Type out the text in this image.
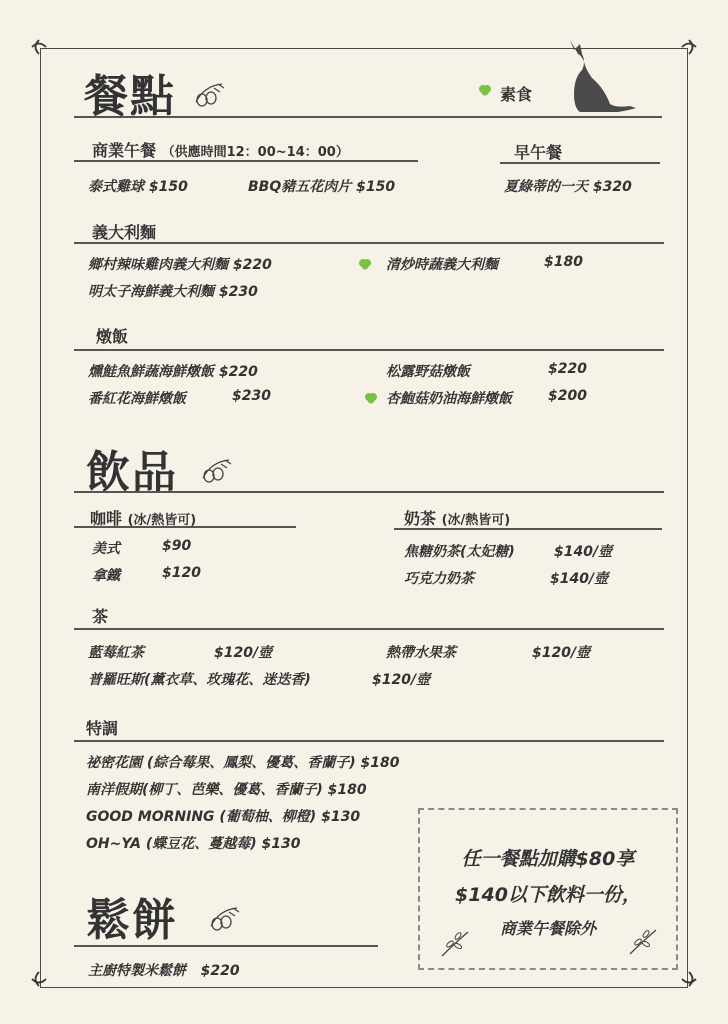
餐點	素食
商業午餐 （供應時間12：00~14：00）	早午餐
泰式雞球 $150	BBQ豬五花肉片 $150	夏綠蒂的一天 $320
義大利麵
鄉村辣味雞肉義大利麵 $220	清炒時蔬義大利麵	$180
明太子海鮮義大利麵 $230
燉飯
燻鮭魚鮮蔬海鮮燉飯 $220	松露野菇燉飯	$220
番紅花海鮮燉飯	$230	杏鮑菇奶油海鮮燉飯	$200
飲品
咖啡 (冰/熱皆可)	奶茶 (冰/熱皆可)
美式	$90
拿鐵	$120
焦糖奶茶(太妃糖)	$140/壺
巧克力奶茶	$140/壺
茶
藍莓紅茶	$120/壺	熱帶水果茶	$120/壺
普羅旺斯(薰衣草、玫瑰花、迷迭香)	$120/壺
特調
祕密花園 (綜合莓果、鳳梨、優葛、香蘭子) $180
南洋假期(柳丁、芭樂、優葛、香蘭子) $180
GOOD MORNING (葡萄柚、柳橙) $130
OH~YA (蝶豆花、蔓越莓) $130
鬆餅
主廚特製米鬆餅 $220
任一餐點加購$80享
$140以下飲料一份，
商業午餐除外
